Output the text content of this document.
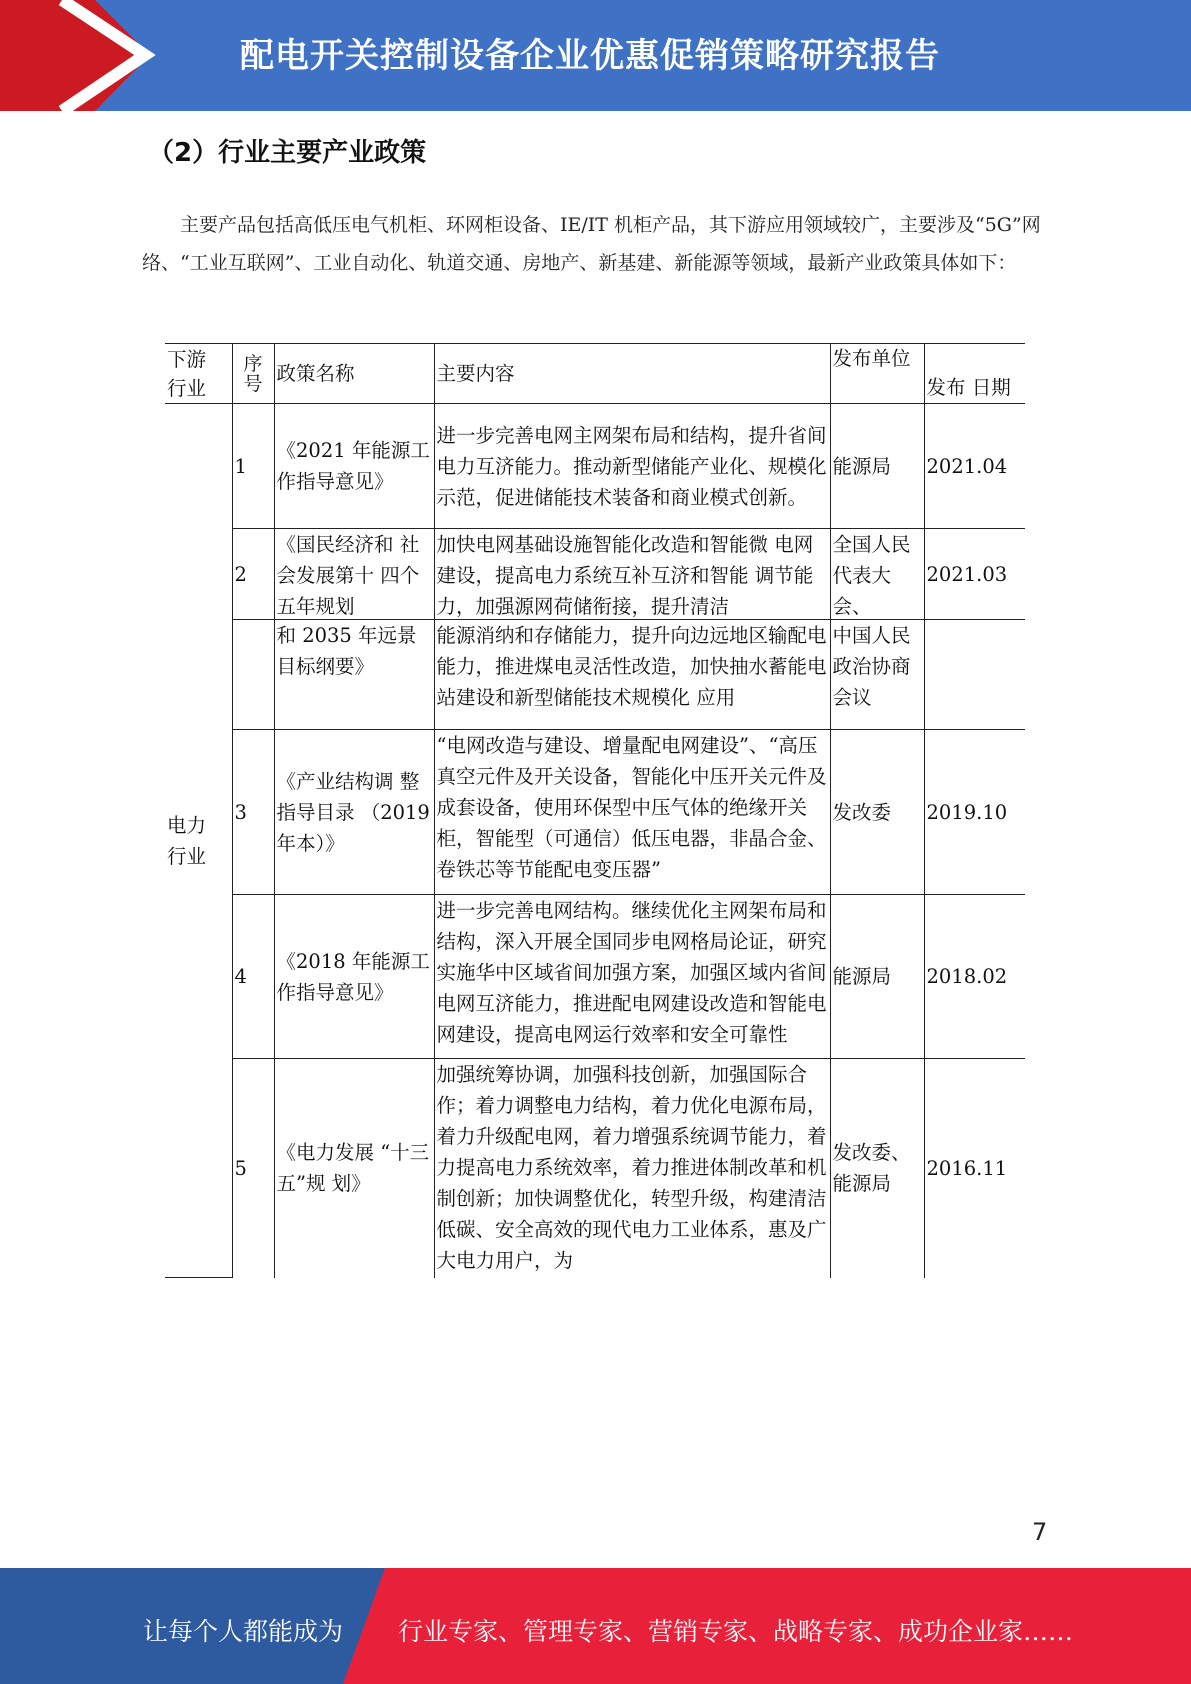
配电开关控制设备企业优惠促销策略研究报告
（2）行业主要产业政策

主要产品包括高低压电气机柜、环网柜设备、IE/IT 机柜产品，其下游应用领域较广，主要涉及“5G”网络、“工业互联网”、工业自动化、轨道交通、房地产、新基建、新能源等领域，最新产业政策具体如下：

下游行业	序号	政策名称	主要内容	发布单位	发布 日期

电力行业	1	《2021 年能源工作指导意见》	进一步完善电网主网架布局和结构，提升省间电力互济能力。推动新型储能产业化、规模化示范，促进储能技术装备和商业模式创新。	能源局	2021.04
	2	《国民经济和 社会发展第十 四个五年规划	加快电网基础设施智能化改造和智能微 电网建设，提高电力系统互补互济和智能 调节能力，加强源网荷储衔接，提升清洁	全国人民代表大会、	2021.03

		和 2035 年远景目标纲要》	能源消纳和存储能力，提升向边远地区输配电能力，推进煤电灵活性改造，加快抽水蓄能电站建设和新型储能技术规模化 应用	中国人民政治协商会议	

	3	《产业结构调 整指导目录 （2019 年本）》	“电网改造与建设、增量配电网建设”、“高压真空元件及开关设备，智能化中压开关元件及成套设备，使用环保型中压气体的绝缘开关柜，智能型（可通信）低压电器，非晶合金、卷铁芯等节能配电变压器”	发改委	2019.10
	4	《2018 年能源工作指导意见》	进一步完善电网结构。继续优化主网架布局和结构，深入开展全国同步电网格局论证，研究实施华中区域省间加强方案，加强区域内省间电网互济能力，推进配电网建设改造和智能电网建设，提高电网运行效率和安全可靠性	能源局	2018.02
	5	《电力发展 “十三五”规 划》	加强统筹协调，加强科技创新，加强国际合作；着力调整电力结构，着力优化电源布局，着力升级配电网，着力增强系统调节能力，着力提高电力系统效率，着力推进体制改革和机制创新；加快调整优化，转型升级，构建清洁低碳、安全高效的现代电力工业体系，惠及广大电力用户，为	发改委、能源局	2016.11
7
让每个人都能成为 行业专家、管理专家、营销专家、战略专家、成功企业家……
